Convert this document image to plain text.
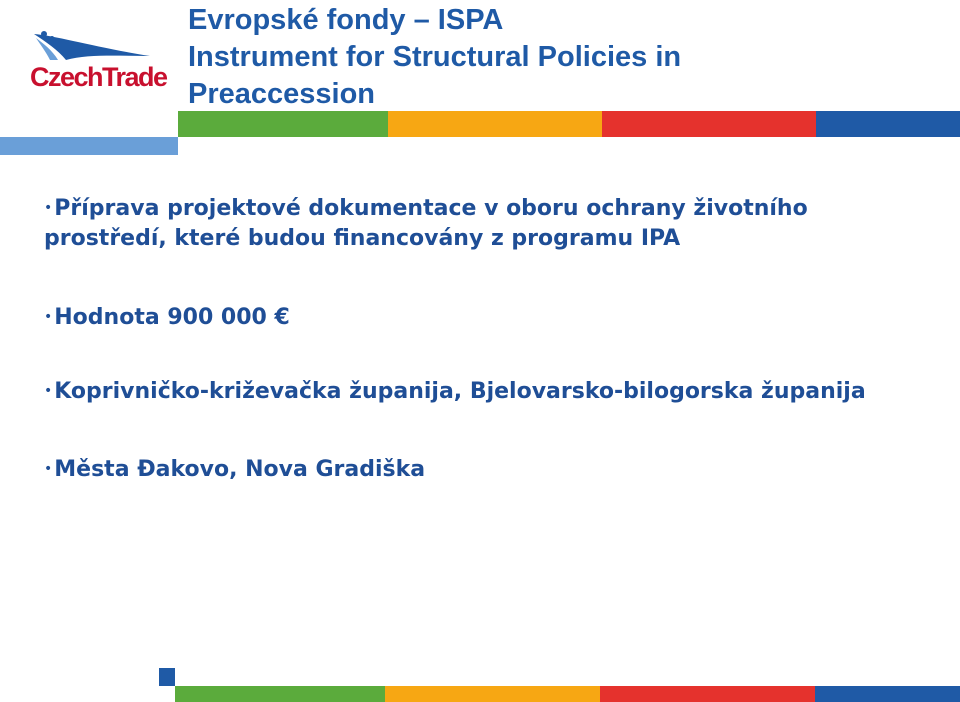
CzechTrade
Evropské fondy – ISPA
Instrument for Structural Policies in
Preaccession

•Příprava projektové dokumentace v oboru ochrany životního prostředí, které budou financovány z programu IPA

•Hodnota 900 000 €

•Koprivničko-križevačka županija, Bjelovarsko-bilogorska županija

•Města Đakovo, Nova Gradiška
